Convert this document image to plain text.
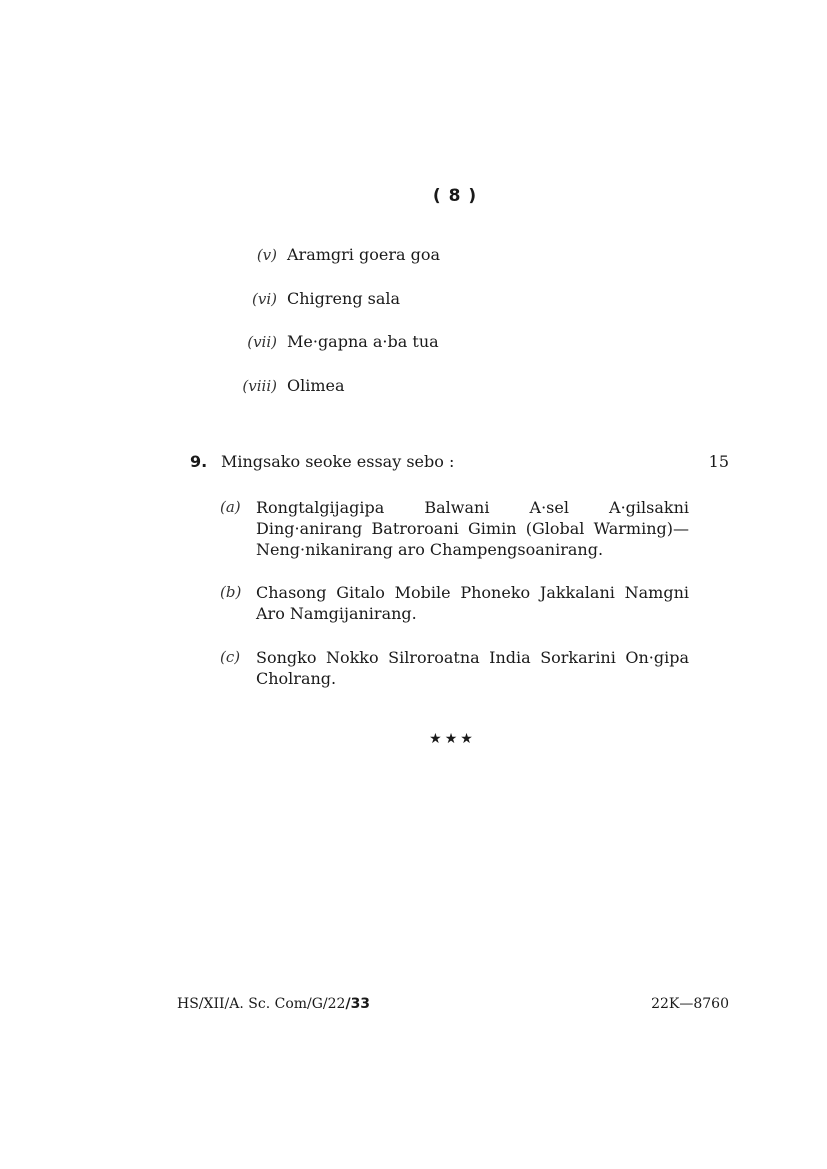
( 8 )
(v) Aramgri goera goa
(vi) Chigreng sala
(vii) Me·gapna a·ba tua
(viii) Olimea
9. Mingsako seoke essay sebo :	15
(a) Rongtalgijagipa Balwani A·sel A·gilsakni
Ding·anirang Batroroani Gimin (Global Warming)—
Neng·nikanirang aro Champengsoanirang.
(b) Chasong Gitalo Mobile Phoneko Jakkalani Namgni
Aro Namgijanirang.
(c) Songko Nokko Silroroatna India Sorkarini On·gipa
Cholrang.
★★★
HS/XII/A. Sc. Com/G/22/33	22K—8760
